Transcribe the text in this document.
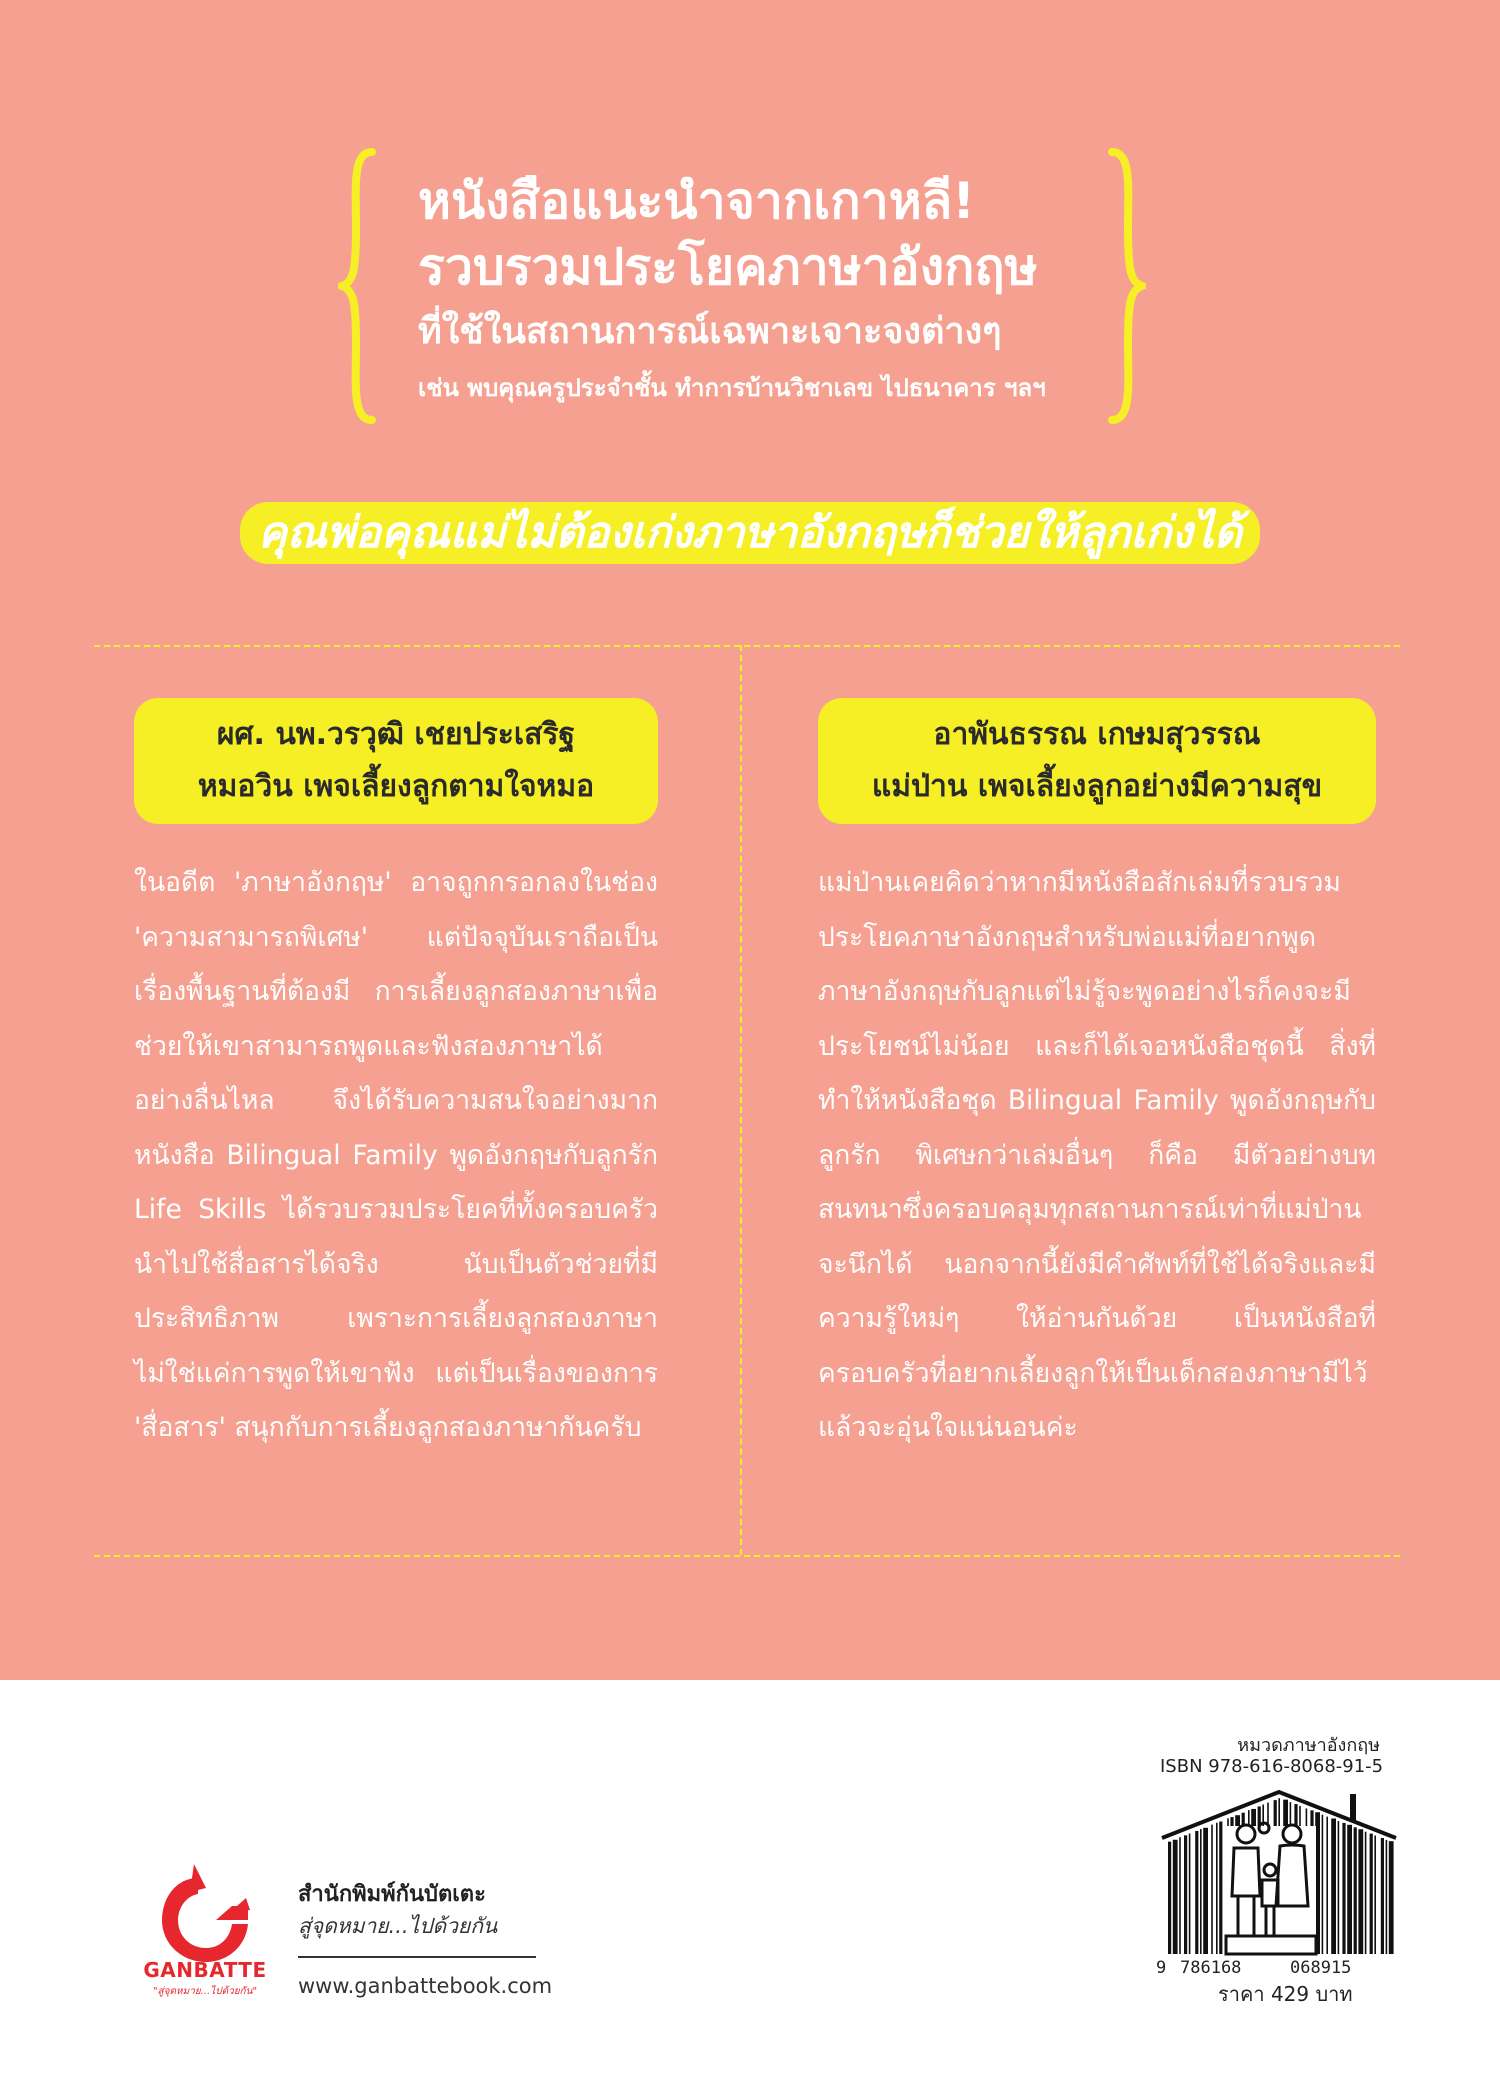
หนังสือแนะนำจากเกาหลี!
รวบรวมประโยคภาษาอังกฤษ
ที่ใช้ในสถานการณ์เฉพาะเจาะจงต่างๆ
เช่น พบคุณครูประจำชั้น ทำการบ้านวิชาเลข ไปธนาคาร ฯลฯ
คุณพ่อคุณแม่ไม่ต้องเก่งภาษาอังกฤษก็ช่วยให้ลูกเก่งได้
ผศ. นพ.วรวุฒิ เชยประเสริฐ
หมอวิน เพจเลี้ยงลูกตามใจหมอ

ในอดีต 'ภาษาอังกฤษ' อาจถูกกรอกลงในช่อง 'ความสามารถพิเศษ' แต่ปัจจุบันเราถือเป็นเรื่องพื้นฐานที่ต้องมี การเลี้ยงลูกสองภาษาเพื่อช่วยให้เขาสามารถพูดและฟังสองภาษาได้อย่างลื่นไหล จึงได้รับความสนใจอย่างมาก หนังสือ Bilingual Family พูดอังกฤษกับลูกรัก Life Skills ได้รวบรวมประโยคที่ทั้งครอบครัวนำไปใช้สื่อสารได้จริง นับเป็นตัวช่วยที่มีประสิทธิภาพ เพราะการเลี้ยงลูกสองภาษาไม่ใช่แค่การพูดให้เขาฟัง แต่เป็นเรื่องของการ 'สื่อสาร' สนุกกับการเลี้ยงลูกสองภาษากันครับ

อาพันธรรณ เกษมสุวรรณ
แม่ป่าน เพจเลี้ยงลูกอย่างมีความสุข

แม่ป่านเคยคิดว่าหากมีหนังสือสักเล่มที่รวบรวมประโยคภาษาอังกฤษสำหรับพ่อแม่ที่อยากพูดภาษาอังกฤษกับลูกแต่ไม่รู้จะพูดอย่างไรก็คงจะมีประโยชน์ไม่น้อย และก็ได้เจอหนังสือชุดนี้ สิ่งที่ทำให้หนังสือชุด Bilingual Family พูดอังกฤษกับลูกรัก พิเศษกว่าเล่มอื่นๆ ก็คือ มีตัวอย่างบทสนทนาซึ่งครอบคลุมทุกสถานการณ์เท่าที่แม่ป่านจะนึกได้ นอกจากนี้ยังมีคำศัพท์ที่ใช้ได้จริงและมีความรู้ใหม่ๆ ให้อ่านกันด้วย เป็นหนังสือที่ครอบครัวที่อยากเลี้ยงลูกให้เป็นเด็กสองภาษามีไว้แล้วจะอุ่นใจแน่นอนค่ะ

GANBATTE
"สู่จุดหมาย...ไปด้วยกัน"
สำนักพิมพ์กันบัตเตะ
สู่จุดหมาย...ไปด้วยกัน
www.ganbattebook.com
หมวดภาษาอังกฤษ
ISBN 978-616-8068-91-5
9 786168	068915
ราคา 429 บาท
